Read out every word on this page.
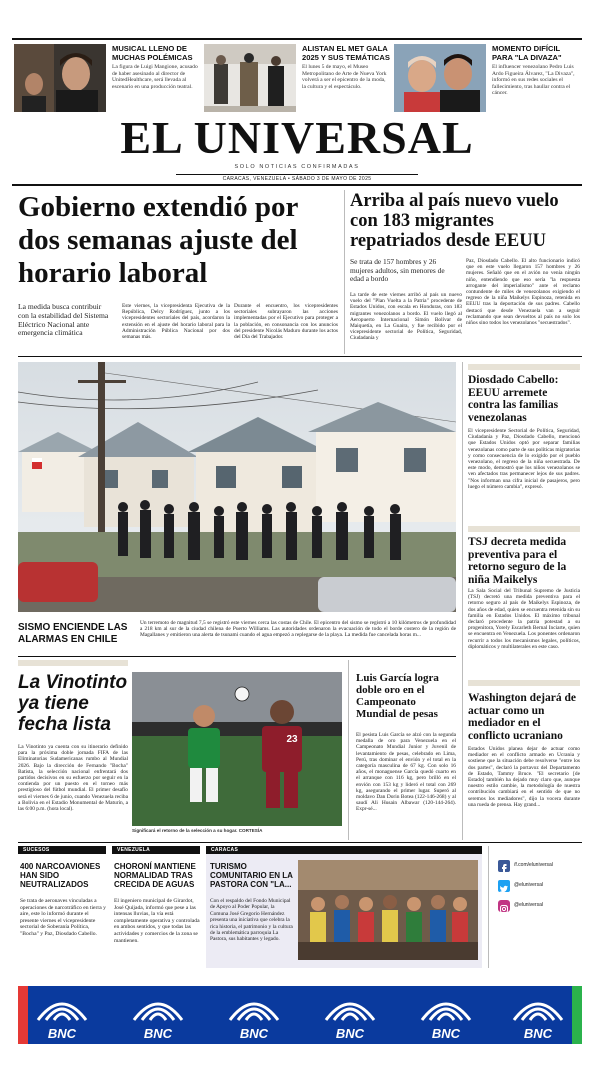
MUSICAL LLENO DE MUCHAS POLÉMICAS
La figura de Luigi Mangione, acusado de haber asesinado al director de UnitedHealthcare, será llevada al escenario en una producción teatral.
ALISTAN EL MET GALA 2025 Y SUS TEMÁTICAS
El lunes 5 de mayo, el Museo Metropolitano de Arte de Nueva York volverá a ser el epicentro de la moda, la cultura y el espectáculo.
MOMENTO DIFÍCIL PARA "LA DIVAZA"
El influencer venezolano Pedro Luis Ardo Figueira Álvarez, "La Divaza", informó en sus redes sociales el fallecimiento, tras haullar contra el cáncer.
EL UNIVERSAL
SOLO NOTICIAS CONFIRMADAS
CARACAS, VENEZUELA • SÁBADO 3 DE MAYO DE 2025
Gobierno extendió por dos semanas ajuste del horario laboral
La medida busca contribuir con la estabilidad del Sistema Eléctrico Nacional ante emergencia climática
Este viernes, la vicepresidenta Ejecutiva de la República, Delcy Rodríguez, junto a los vicepresidentes sectoriales del país, acordaron la extensión en el ajuste del horario laboral para la Administración Pública Nacional por dos semanas más.
Durante el encuentro, los vicepresidentes sectoriales subrayaron las acciones implementadas por el Ejecutivo para proteger a la población, en consonancia con los anuncios del presidente Nicolás Maduro durante los actos del Día del Trabajador.
Arriba al país nuevo vuelo con 183 migrantes repatriados desde EEUU
Se trata de 157 hombres y 26 mujeres adultos, sin menores de edad a bordo
La tarde de este viernes arribó al país un nuevo vuelo del "Plan Vuelta a la Patria" procedente de Estados Unidos, con escala en Honduras, con 183 migrantes venezolanos a bordo. El vuelo llegó al Aeropuerto Internacional Simón Bolívar de Maiquetía, en La Guaira, y fue recibido por el vicepresidente sectorial de Política, Seguridad, Ciudadanía y
Paz, Diosdado Cabello. El alto funcionario indicó que en este vuelo llegaron 157 hombres y 26 mujeres. Señaló que en el avión no venía ningún niño, entendiendo que eso sería "la respuesta arrogante del imperialismo" ante el reclamo contundente de miles de venezolanos exigiendo el regreso de la niña Maikelys Espinoza, retenida en EEUU tras la deportación de sus padres. Cabello destacó que desde Venezuela van a seguir reclamando que sean devueltos al país no solo los niños sino todos los venezolanos "secuestrados".
SISMO ENCIENDE LAS ALARMAS EN CHILE
Un terremoto de magnitud 7,5 se registró este viernes cerca las costas de Chile. El epicentro del sismo se registró a 10 kilómetros de profundidad a 218 km al sur de la ciudad chilena de Puerto Williams. Las autoridades ordenaron la evacuación de todo el borde costero de la región de Magallanes y emitieron una alerta de tsunami cuando el agua empezó a replegarse de la playa. La medida fue cancelada horas m...
Diosdado Cabello: EEUU arremete contra las familias venezolanas
El vicepresidente Sectorial de Política, Seguridad, Ciudadanía y Paz, Diosdado Cabello, mencionó que Estados Unidos optó por separar familias venezolanas como parte de sus políticas migratorias y como consecuencia de lo exigido por el pueblo venezolano, el regreso de la niña secuestrada. De este modo, demostró que los niños venezolanos se ven afectados tras permanecer lejos de sus padres. "Nos informan una cifra inicial de pasajeros, pero luego el número cambia", expresó.
TSJ decreta medida preventiva para el retorno seguro de la niña Maikelys
La Sala Social del Tribunal Supremo de Justicia (TSJ) decretó una medida preventiva para el retorno seguro al país de Maikelys Espinoza, de dos años de edad, quien se encuentra retenida sin su familia en Estados Unidos. El máximo tribunal declaró procedente la patria potestad a su progenitora, Yorely Escarleth Bernal Inciarte, quien se encuentra en Venezuela. Los ponentes ordenaron recurrir a todos los mecanismos legales, políticos, diplomáticos y multilaterales en este caso.
Washington dejará de actuar como un mediador en el conflicto ucraniano
Estados Unidos planea dejar de actuar como mediador en el conflicto armado en Ucrania y sostiene que la situación debe resolverse "entre los dos partes", declaró la portavoz del Departamento de Estado, Tammy Bruce. "El secretario [de Estado] también ha dejado muy claro que, aunque nuestro estilo cambie, la metodología de nuestra contribución cambiará en el sentido de que no seremos los mediadores", dijo la vocera durante una rueda de prensa. Hay grand...
La Vinotinto ya tiene fecha lista
La Vinotinto ya cuenta con su itinerario definido para la próxima doble jornada FIFA de las Eliminatorias Sudamericanas rumbo al Mundial 2026. Bajo la dirección de Fernando "Bocha" Batista, la selección nacional enfrentará dos partidos decisivos en su esfuerzo por seguir en la contienda por un puesto en el torneo más prestigioso del fútbol mundial. El primer desafío será el viernes 6 de junio, cuando Venezuela reciba a Bolivia en el Estadio Monumental de Maturín, a las 6:00 p.m. (hora local).
23
Significará el retorno de la selección a su hogar. CORTESÍA
Luis García logra doble oro en el Campeonato Mundial de pesas
El pesista Luis García se alzó con la segunda medalla de oro para Venezuela en el Campeonato Mundial Junior y Juvenil de levantamiento de pesas, celebrado en Lima, Perú, tras dominar el envión y el total en la categoría masculina de 67 kg. Con solo 16 años, el monaguense García quedó cuarto en el arranque con 116 kg, pero brilló en el envión con 153 kg y lideró el total con 269 kg, asegurando el primer lugar. Superó al moldavo Dan Dorin Botea (122-146-268) y al saudí Ali Husain Albawar (120-144-264). Expr-sé...
SUCESOS
400 NARCOAVIONES HAN SIDO NEUTRALIZADOS
Se trata de aeronaves vinculadas a operaciones de narcotráfico en tierra y aire, este lo informó durante el presente viernes el vicepresidente sectorial de Soberanía Política, "Bocha" y Paz, Diosdado Cabello.
VENEZUELA
CHORONÍ MANTIENE NORMALIDAD TRAS CRECIDA DE AGUAS
El ingeniero municipal de Girardot, José Quijada, informó que pese a las intensas lluvias, la vía está completamente operativa y controlada en ambos sentidos, y que todas las actividades y comercios de la zona se mantienen.
CARACAS
TURISMO COMUNITARIO EN LA PASTORA CON "LA...
Con el respaldo del Fondo Municipal de Apoyo al Poder Popular, la Comuna José Gregorio Hernández presenta una iniciativa que celebra la rica historia, el patrimonio y la cultura de la emblemática parroquia La Pastora, sus habitantes y legado.
/f.com/eluniversal
@eluniversal
@eluniversal
BNC	BNC	BNC	BNC	BNC	BNC
